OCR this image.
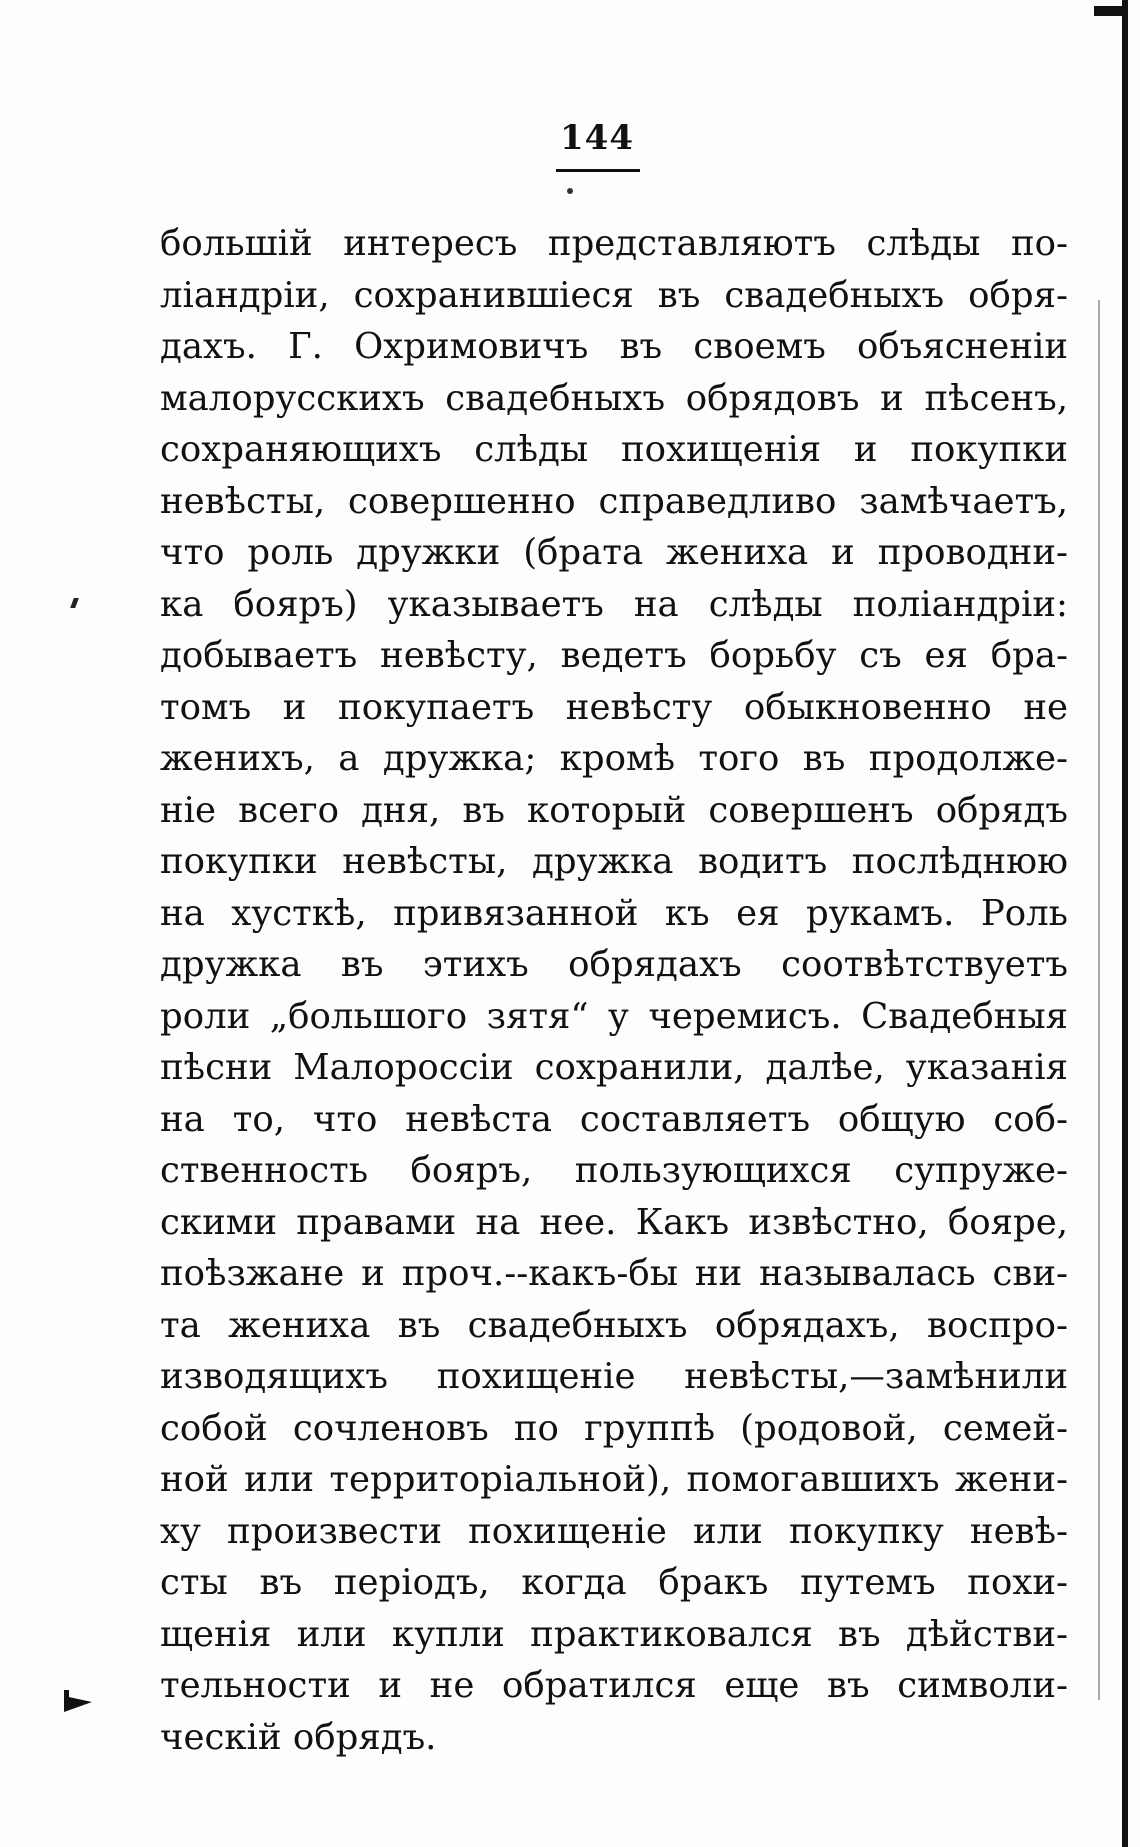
144
большій интересъ представляютъ слѣды по-
ліандріи, сохранившіеся въ свадебныхъ обря-
дахъ. Г. Охримовичъ въ своемъ объясненіи
малорусскихъ свадебныхъ обрядовъ и пѣсенъ,
сохраняющихъ слѣды похищенія и покупки
невѣсты, совершенно справедливо замѣчаетъ,
что роль дружки (брата жениха и проводни-
ка бояръ) указываетъ на слѣды поліандріи:
добываетъ невѣсту, ведетъ борьбу съ ея бра-
томъ и покупаетъ невѣсту обыкновенно не
женихъ, а дружка; кромѣ того въ продолже-
ніе всего дня, въ который совершенъ обрядъ
покупки невѣсты, дружка водитъ послѣднюю
на хусткѣ, привязанной къ ея рукамъ. Роль
дружка въ этихъ обрядахъ соотвѣтствуетъ
роли „большого зятя“ у черемисъ. Свадебныя
пѣсни Малороссіи сохранили, далѣе, указанія
на то, что невѣста составляетъ общую соб-
ственность бояръ, пользующихся супруже-
скими правами на нее. Какъ извѣстно, бояре,
поѣзжане и проч.--какъ-бы ни называлась сви-
та жениха въ свадебныхъ обрядахъ, воспро-
изводящихъ похищеніе невѣсты,—замѣнили
собой сочленовъ по группѣ (родовой, семей-
ной или территоріальной), помогавшихъ жени-
ху произвести похищеніе или покупку невѣ-
сты въ періодъ, когда бракъ путемъ похи-
щенія или купли практиковался въ дѣйстви-
тельности и не обратился еще въ символи-
ческій обрядъ.
